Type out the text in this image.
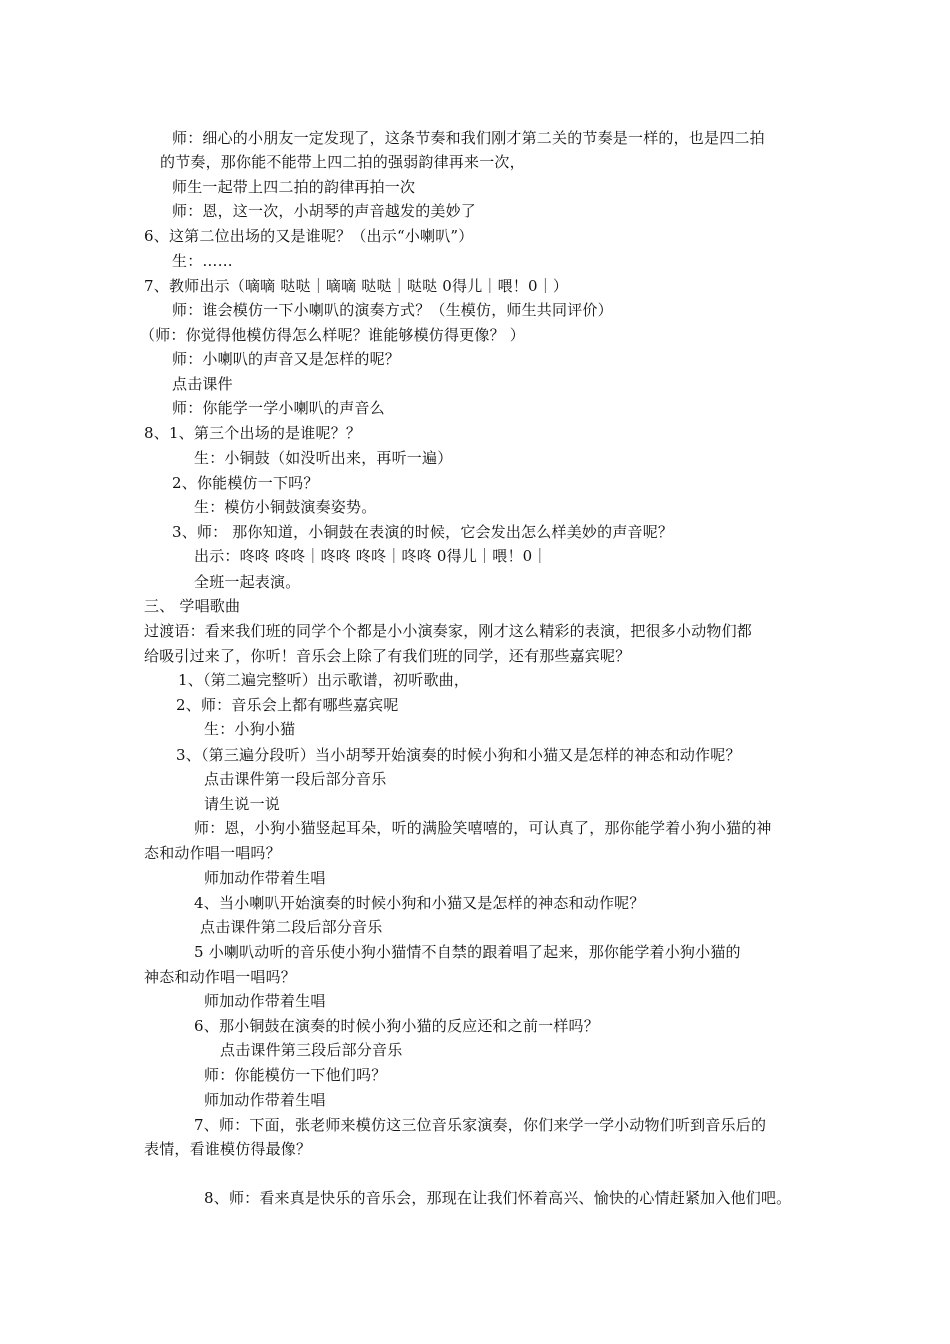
师：细心的小朋友一定发现了，这条节奏和我们刚才第二关的节奏是一样的，也是四二拍
的节奏，那你能不能带上四二拍的强弱韵律再来一次，
师生一起带上四二拍的韵律再拍一次
师：恩，这一次，小胡琴的声音越发的美妙了
6、这第二位出场的又是谁呢？（出示“小喇叭”）
生：……
7、教师出示（嘀嘀 哒哒｜嘀嘀 哒哒｜哒哒 0得儿｜喂！0｜）
师：谁会模仿一下小喇叭的演奏方式？（生模仿，师生共同评价）
（师：你觉得他模仿得怎么样呢？谁能够模仿得更像？ ）
师：小喇叭的声音又是怎样的呢？
点击课件
师：你能学一学小喇叭的声音么
8、1、第三个出场的是谁呢？？
生：小铜鼓（如没听出来，再听一遍）
2、你能模仿一下吗？
生：模仿小铜鼓演奏姿势。
3、师： 那你知道，小铜鼓在表演的时候，它会发出怎么样美妙的声音呢？
出示：咚咚 咚咚｜咚咚 咚咚｜咚咚 0得儿｜喂！0｜
全班一起表演。
三、 学唱歌曲
过渡语：看来我们班的同学个个都是小小演奏家，刚才这么精彩的表演，把很多小动物们都
给吸引过来了，你听！音乐会上除了有我们班的同学，还有那些嘉宾呢？
1、（第二遍完整听）出示歌谱，初听歌曲，
2、师：音乐会上都有哪些嘉宾呢
生：小狗小猫
3、（第三遍分段听）当小胡琴开始演奏的时候小狗和小猫又是怎样的神态和动作呢？
点击课件第一段后部分音乐
请生说一说
师：恩，小狗小猫竖起耳朵，听的满脸笑嘻嘻的，可认真了，那你能学着小狗小猫的神
态和动作唱一唱吗？
师加动作带着生唱
4、当小喇叭开始演奏的时候小狗和小猫又是怎样的神态和动作呢？
点击课件第二段后部分音乐
5 小喇叭动听的音乐使小狗小猫情不自禁的跟着唱了起来，那你能学着小狗小猫的
神态和动作唱一唱吗？
师加动作带着生唱
6、那小铜鼓在演奏的时候小狗小猫的反应还和之前一样吗？
点击课件第三段后部分音乐
师：你能模仿一下他们吗？
师加动作带着生唱
7、师：下面，张老师来模仿这三位音乐家演奏，你们来学一学小动物们听到音乐后的
表情，看谁模仿得最像？
8、师：看来真是快乐的音乐会，那现在让我们怀着高兴、愉快的心情赶紧加入他们吧。
